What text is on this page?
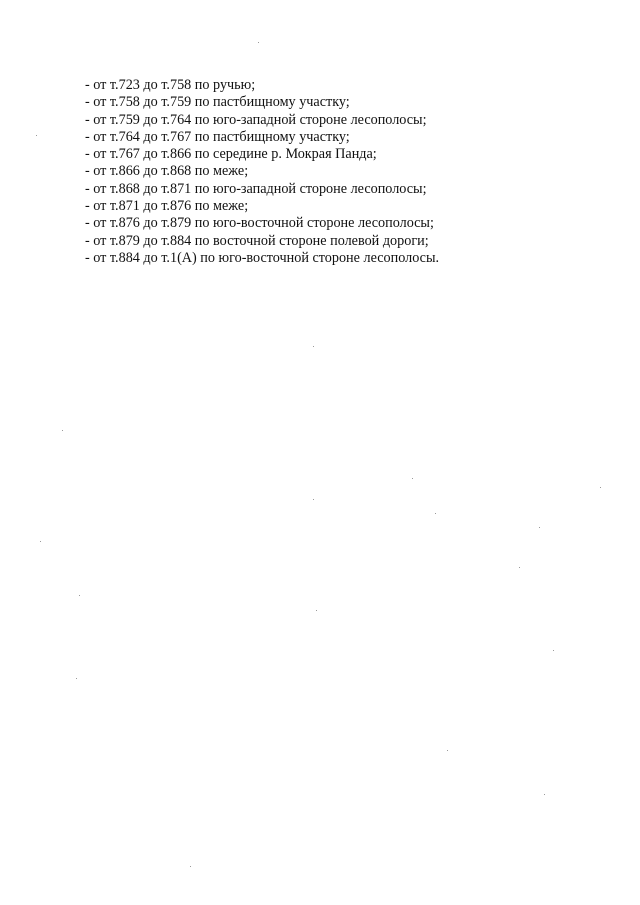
- от т.723 до т.758 по ручью;
- от т.758 до т.759 по пастбищному участку;
- от т.759 до т.764 по юго-западной стороне лесополосы;
- от т.764 до т.767 по пастбищному участку;
- от т.767 до т.866 по середине р. Мокрая Панда;
- от т.866 до т.868 по меже;
- от т.868 до т.871 по юго-западной стороне лесополосы;
- от т.871 до т.876 по меже;
- от т.876 до т.879 по юго-восточной стороне лесополосы;
- от т.879 до т.884 по восточной стороне полевой дороги;
- от т.884 до т.1(А) по юго-восточной стороне лесополосы.
